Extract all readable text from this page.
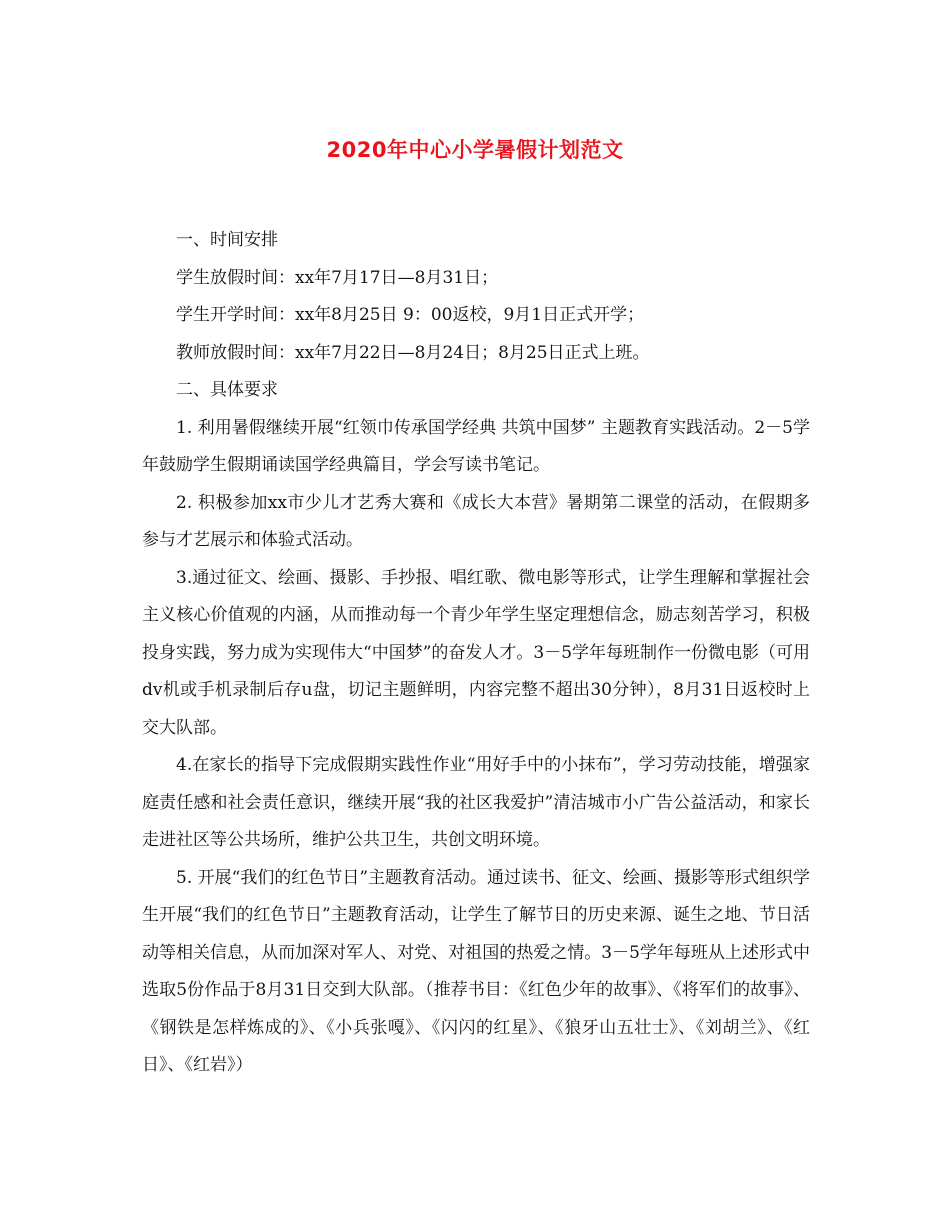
2020年中心小学暑假计划范文

一、时间安排

学生放假时间：xx年7月17日—8月31日；

学生开学时间：xx年8月25日 9：00返校，9月1日正式开学；

教师放假时间：xx年7月22日—8月24日；8月25日正式上班。

二、具体要求

1. 利用暑假继续开展“红领巾传承国学经典 共筑中国梦” 主题教育实践活动。2－5学年鼓励学生假期诵读国学经典篇目，学会写读书笔记。

2. 积极参加xx市少儿才艺秀大赛和《成长大本营》暑期第二课堂的活动，在假期多参与才艺展示和体验式活动。

3.通过征文、绘画、摄影、手抄报、唱红歌、微电影等形式，让学生理解和掌握社会主义核心价值观的内涵，从而推动每一个青少年学生坚定理想信念，励志刻苦学习，积极投身实践，努力成为实现伟大“中国梦”的奋发人才。3－5学年每班制作一份微电影（可用dv机或手机录制后存u盘，切记主题鲜明，内容完整不超出30分钟），8月31日返校时上交大队部。

4.在家长的指导下完成假期实践性作业“用好手中的小抹布”，学习劳动技能，增强家庭责任感和社会责任意识，继续开展“我的社区我爱护”清洁城市小广告公益活动，和家长走进社区等公共场所，维护公共卫生，共创文明环境。

5. 开展“我们的红色节日”主题教育活动。通过读书、征文、绘画、摄影等形式组织学生开展“我们的红色节日”主题教育活动，让学生了解节日的历史来源、诞生之地、节日活动等相关信息，从而加深对军人、对党、对祖国的热爱之情。3－5学年每班从上述形式中选取5份作品于8月31日交到大队部。（推荐书目：《红色少年的故事》、《将军们的故事》、《钢铁是怎样炼成的》、《小兵张嘎》、《闪闪的红星》、《狼牙山五壮士》、《刘胡兰》、《红日》、《红岩》）
